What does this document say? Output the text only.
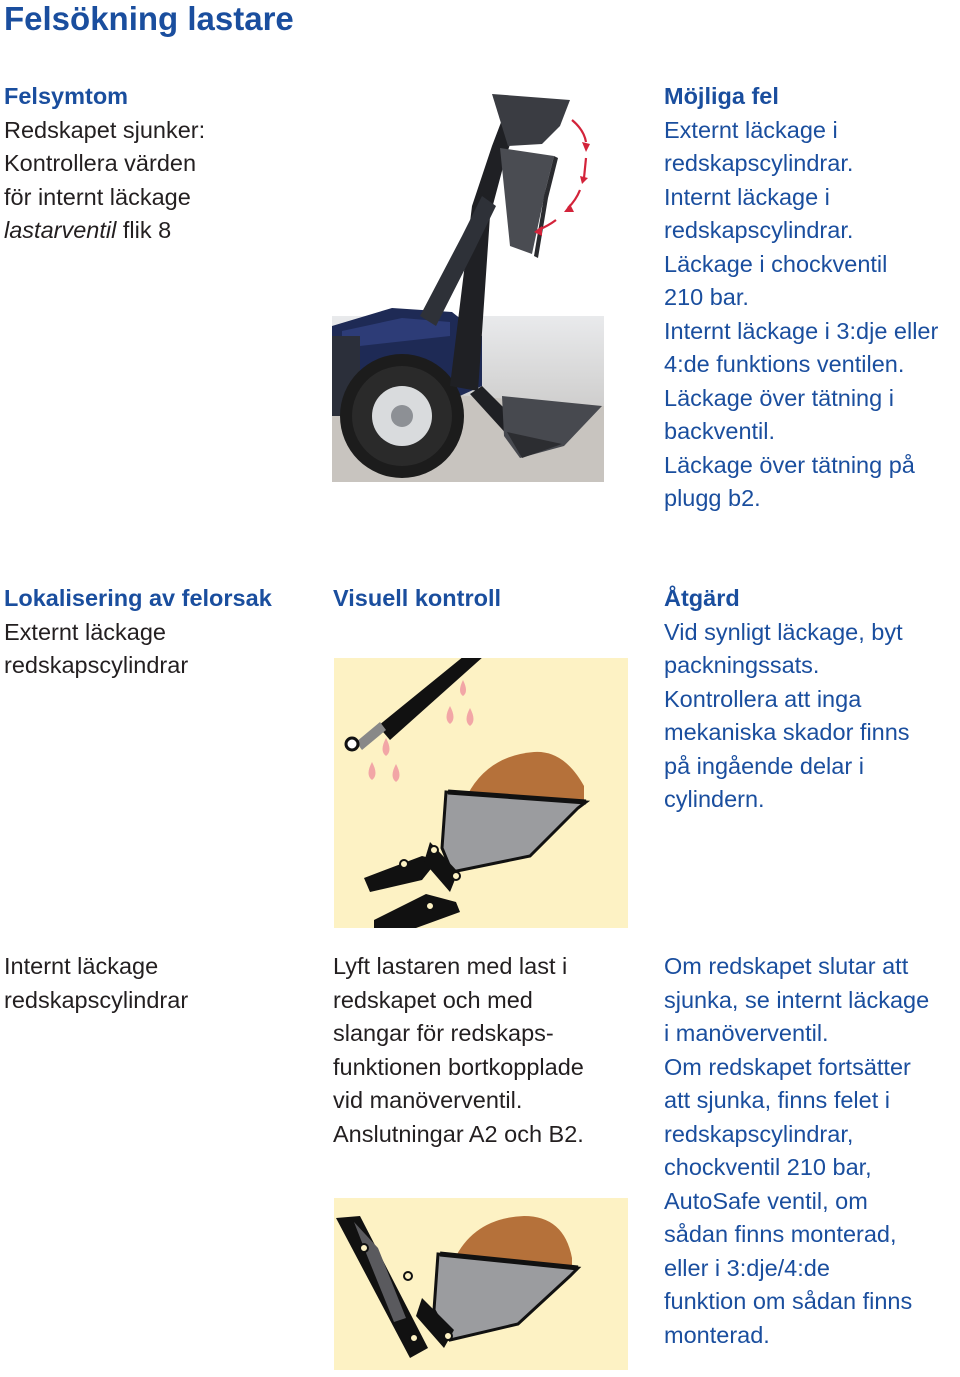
Felsökning lastare
Felsymtom
Redskapet sjunker:
Kontrollera värden
för internt läckage
lastarventil flik 8
Möjliga fel
Externt läckage i
redskapscylindrar.
Internt läckage i
redskapscylindrar.
Läckage i chockventil
210 bar.
Internt läckage i 3:dje eller
4:de funktions ventilen.
Läckage över tätning i
backventil.
Läckage över tätning på
plugg b2.
Lokalisering av felorsak
Externt läckage
redskapscylindrar
Visuell kontroll	Åtgärd
Vid synligt läckage, byt
packningssats.
Kontrollera att inga
mekaniska skador finns
på ingående delar i
cylindern.
Internt läckage
redskapscylindrar
Lyft lastaren med last i
redskapet och med
slangar för redskaps-
funktionen bortkopplade
vid manöverventil.
Anslutningar A2 och B2.
Om redskapet slutar att
sjunka, se internt läckage
i manöverventil.
Om redskapet fortsätter
att sjunka, finns felet i
redskapscylindrar,
chockventil 210 bar,
AutoSafe ventil, om
sådan finns monterad,
eller i 3:dje/4:de
funktion om sådan finns
monterad.
